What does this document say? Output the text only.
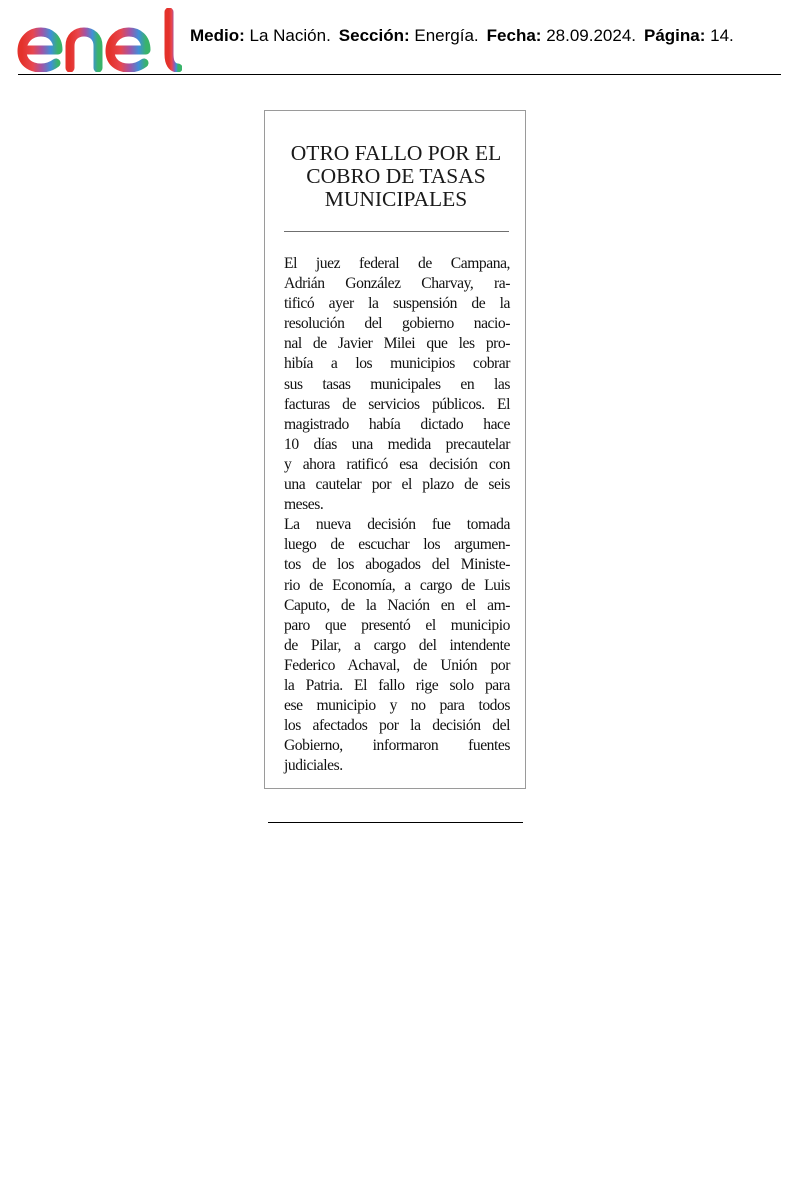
Medio: La Nación. Sección: Energía. Fecha: 28.09.2024. Página: 14.
OTRO FALLO POR EL
COBRO DE TASAS
MUNICIPALES
El juez federal de Campana,
Adrián González Charvay, ra-
tificó ayer la suspensión de la
resolución del gobierno nacio-
nal de Javier Milei que les pro-
hibía a los municipios cobrar
sus tasas municipales en las
facturas de servicios públicos. El
magistrado había dictado hace
10 días una medida precautelar
y ahora ratificó esa decisión con
una cautelar por el plazo de seis
meses.
La nueva decisión fue tomada
luego de escuchar los argumen-
tos de los abogados del Ministe-
rio de Economía, a cargo de Luis
Caputo, de la Nación en el am-
paro que presentó el municipio
de Pilar, a cargo del intendente
Federico Achaval, de Unión por
la Patria. El fallo rige solo para
ese municipio y no para todos
los afectados por la decisión del
Gobierno, informaron fuentes
judiciales.
